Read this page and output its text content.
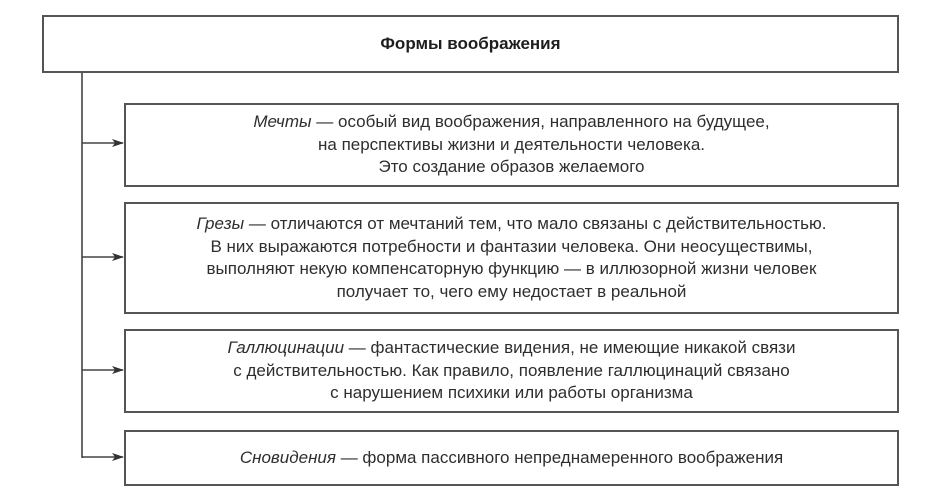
Формы воображения
Мечты — особый вид воображения, направленного на будущее,
на перспективы жизни и деятельности человека.
Это создание образов желаемого
Грезы — отличаются от мечтаний тем, что мало связаны с действительностью.
В них выражаются потребности и фантазии человека. Они неосуществимы,
выполняют некую компенсаторную функцию — в иллюзорной жизни человек
получает то, чего ему недостает в реальной
Галлюцинации — фантастические видения, не имеющие никакой связи
с действительностью. Как правило, появление галлюцинаций связано
с нарушением психики или работы организма
Сновидения — форма пассивного непреднамеренного воображения
